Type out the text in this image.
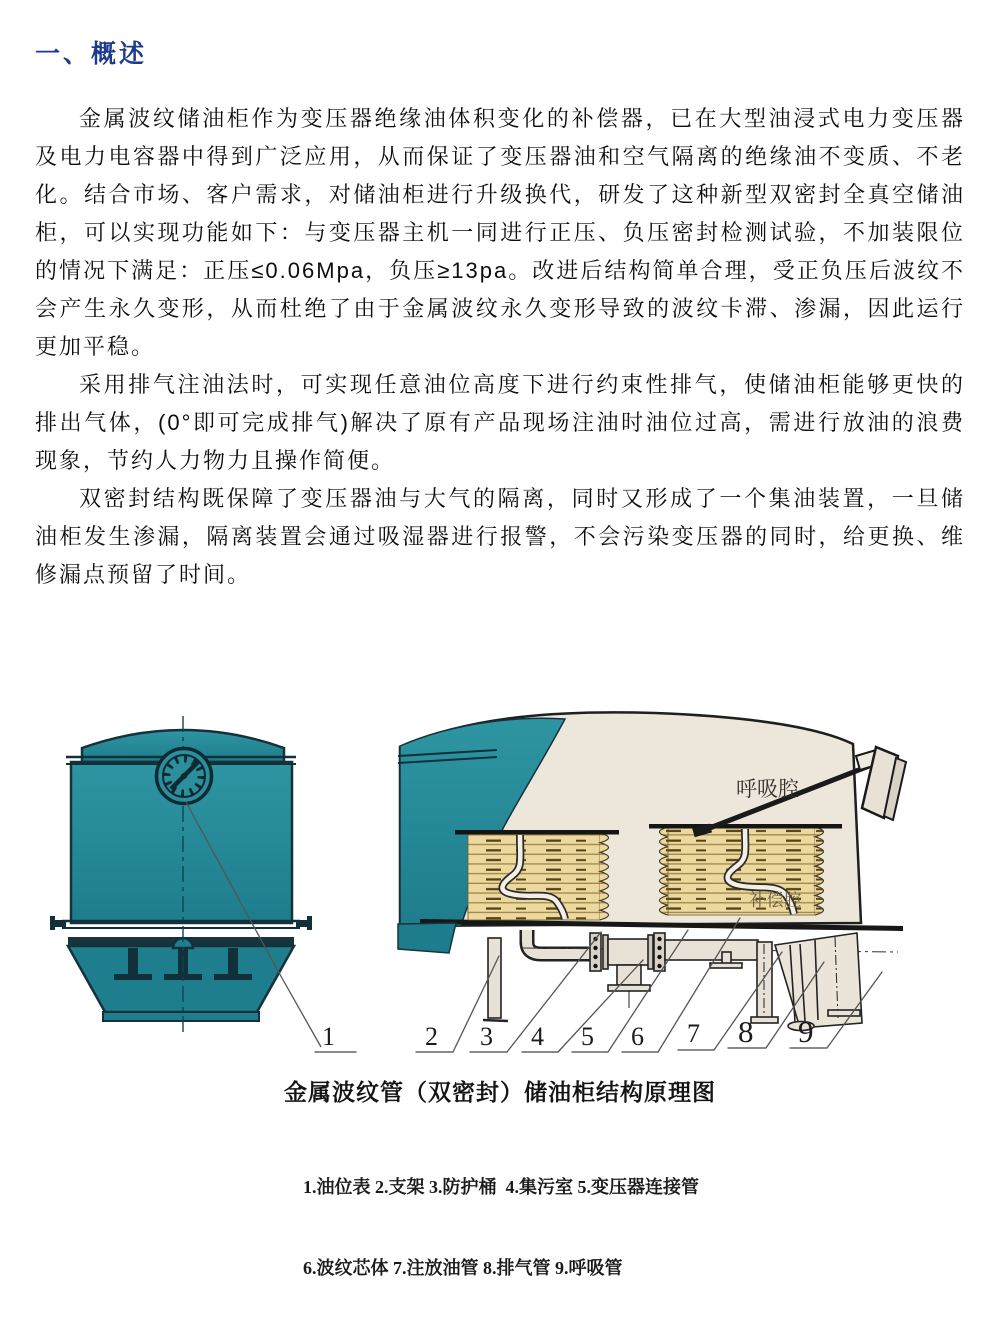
一、概述

金属波纹储油柜作为变压器绝缘油体积变化的补偿器，已在大型油浸式电力变压器及电力电容器中得到广泛应用，从而保证了变压器油和空气隔离的绝缘油不变质、不老化。结合市场、客户需求，对储油柜进行升级换代，研发了这种新型双密封全真空储油柜，可以实现功能如下：与变压器主机一同进行正压、负压密封检测试验，不加装限位的情况下满足：正压≤0.06Mpa，负压≥13pa。改进后结构简单合理，受正负压后波纹不会产生永久变形，从而杜绝了由于金属波纹永久变形导致的波纹卡滞、渗漏，因此运行更加平稳。

采用排气注油法时，可实现任意油位高度下进行约束性排气，使储油柜能够更快的排出气体，(0°即可完成排气)解决了原有产品现场注油时油位过高，需进行放油的浪费现象，节约人力物力且操作简便。

双密封结构既保障了变压器油与大气的隔离，同时又形成了一个集油装置，一旦储油柜发生渗漏，隔离装置会通过吸湿器进行报警，不会污染变压器的同时，给更换、维修漏点预留了时间。

呼吸腔
补偿腔
1	2 3 4 5 6 7 8 9
金属波纹管（双密封）储油柜结构原理图

1.油位表 2.支架 3.防护桶  4.集污室 5.变压器连接管

6.波纹芯体 7.注放油管 8.排气管 9.呼吸管
